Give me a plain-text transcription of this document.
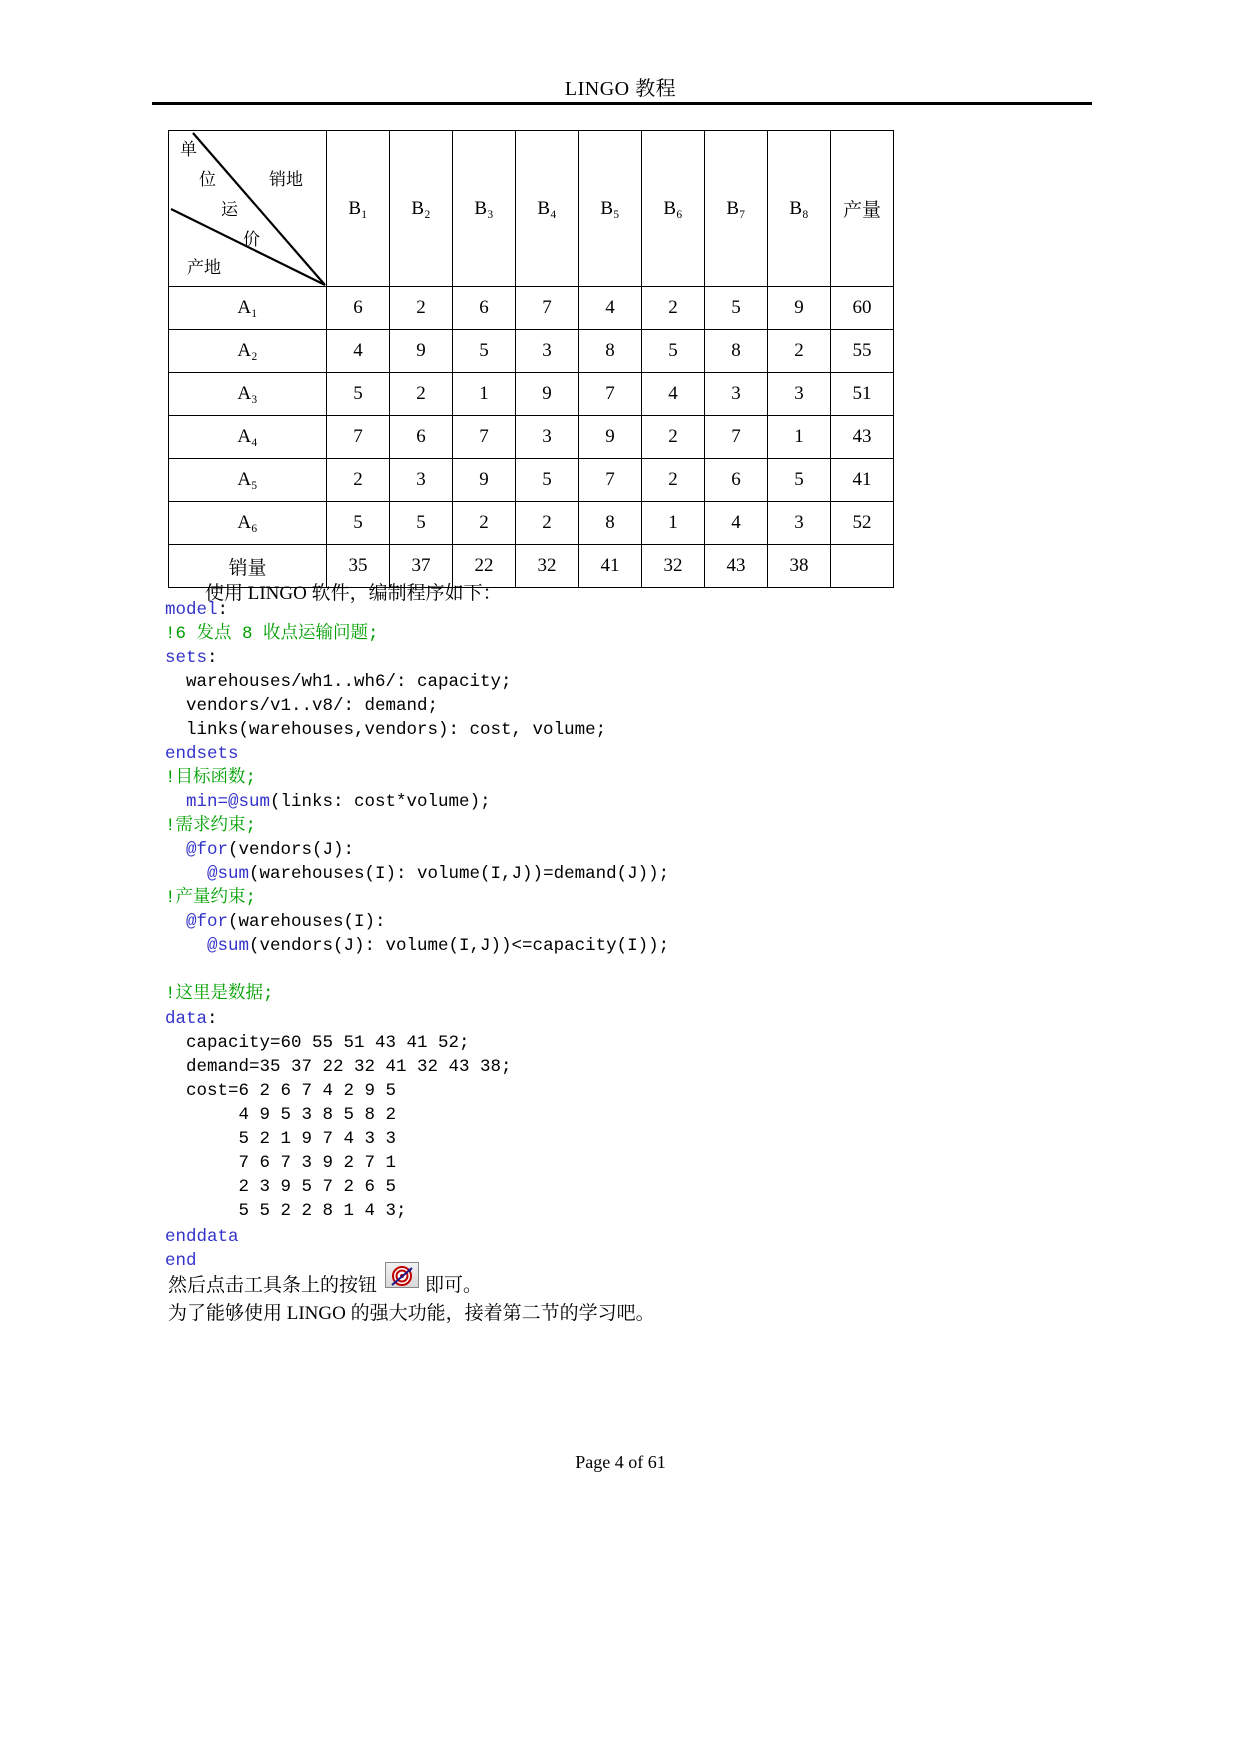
LINGO 教程
单
位
运
价
销地
产地
	B₁	B₂	B₃	B₄	B₅	B₆	B₇	B₈	产量
A₁	6	2	6	7	4	2	5	9	60
A₂	4	9	5	3	8	5	8	2	55
A₃	5	2	1	9	7	4	3	3	51
A₄	7	6	7	3	9	2	7	1	43
A₅	2	3	9	5	7	2	6	5	41
A₆	5	5	2	2	8	1	4	3	52
销量	35	37	22	32	41	32	43	38	
使用 LINGO 软件，编制程序如下：
model:
!6 发点 8 收点运输问题;
sets:
warehouses/wh1..wh6/: capacity;
vendors/v1..v8/: demand;
links(warehouses,vendors): cost, volume;
endsets
!目标函数;
min=@sum(links: cost*volume);
!需求约束;
@for(vendors(J):
@sum(warehouses(I): volume(I,J))=demand(J));
!产量约束;
@for(warehouses(I):
@sum(vendors(J): volume(I,J))<=capacity(I));
!这里是数据;
data:
capacity=60 55 51 43 41 52;
demand=35 37 22 32 41 32 43 38;
cost=6 2 6 7 4 2 9 5
4 9 5 3 8 5 8 2
5 2 1 9 7 4 3 3
7 6 7 3 9 2 7 1
2 3 9 5 7 2 6 5
5 5 2 2 8 1 4 3;
enddata
end
然后点击工具条上的按钮	即可。
为了能够使用 LINGO 的强大功能，接着第二节的学习吧。
Page 4 of 61
